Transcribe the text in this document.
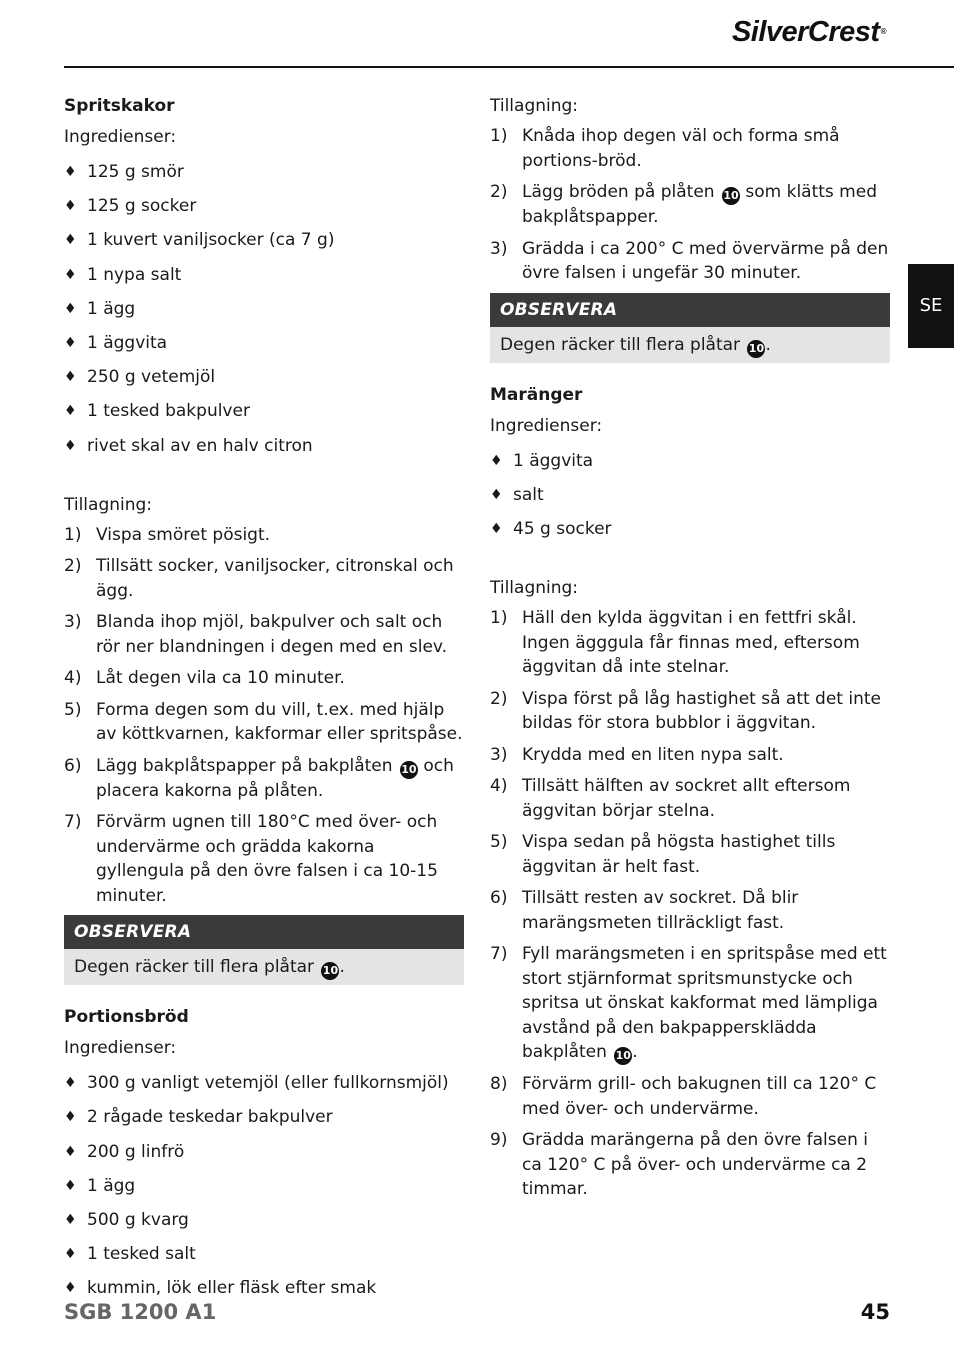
SilverCrest®
SE
Spritskakor
Ingredienser:
♦ 125 g smör
♦ 125 g socker
♦ 1 kuvert vaniljsocker (ca 7 g)
♦ 1 nypa salt
♦ 1 ägg
♦ 1 äggvita
♦ 250 g vetemjöl
♦ 1 tesked bakpulver
♦ rivet skal av en halv citron
Tillagning:
1) Vispa smöret pösigt.
2) Tillsätt socker, vaniljsocker, citronskal och ägg.
3) Blanda ihop mjöl, bakpulver och salt och rör ner blandningen i degen med en slev.
4) Låt degen vila ca 10 minuter.
5) Forma degen som du vill, t.ex. med hjälp av köttkvarnen, kakformar eller spritspåse.
6) Lägg bakplåtspapper på bakplåten 10 och placera kakorna på plåten.
7) Förvärm ugnen till 180°C med över- och undervärme och grädda kakorna gyllengula på den övre falsen i ca 10-15 minuter.
OBSERVERA
Degen räcker till flera plåtar 10.
Portionsbröd
Ingredienser:
♦ 300 g vanligt vetemjöl (eller fullkornsmjöl)
♦ 2 rågade teskedar bakpulver
♦ 200 g linfrö
♦ 1 ägg
♦ 500 g kvarg
♦ 1 tesked salt
♦ kummin, lök eller fläsk efter smak
Tillagning:
1) Knåda ihop degen väl och forma små portions-bröd.
2) Lägg bröden på plåten 10 som klätts med bakplåtspapper.
3) Grädda i ca 200° C med övervärme på den övre falsen i ungefär 30 minuter.
OBSERVERA
Degen räcker till flera plåtar 10.
Maränger
Ingredienser:
♦ 1 äggvita
♦ salt
♦ 45 g socker
Tillagning:
1) Häll den kylda äggvitan i en fettfri skål. Ingen ägggula får finnas med, eftersom äggvitan då inte stelnar.
2) Vispa först på låg hastighet så att det inte bildas för stora bubblor i äggvitan.
3) Krydda med en liten nypa salt.
4) Tillsätt hälften av sockret allt eftersom äggvitan börjar stelna.
5) Vispa sedan på högsta hastighet tills äggvitan är helt fast.
6) Tillsätt resten av sockret. Då blir marängsmeten tillräckligt fast.
7) Fyll marängsmeten i en spritspåse med ett stort stjärnformat spritsmunstycke och spritsa ut önskat kakformat med lämpliga avstånd på den bakpappersklädda bakplåten 10.
8) Förvärm grill- och bakugnen till ca 120° C med över- och undervärme.
9) Grädda marängerna på den övre falsen i ca 120° C på över- och undervärme ca 2 timmar.
SGB 1200 A1	45
